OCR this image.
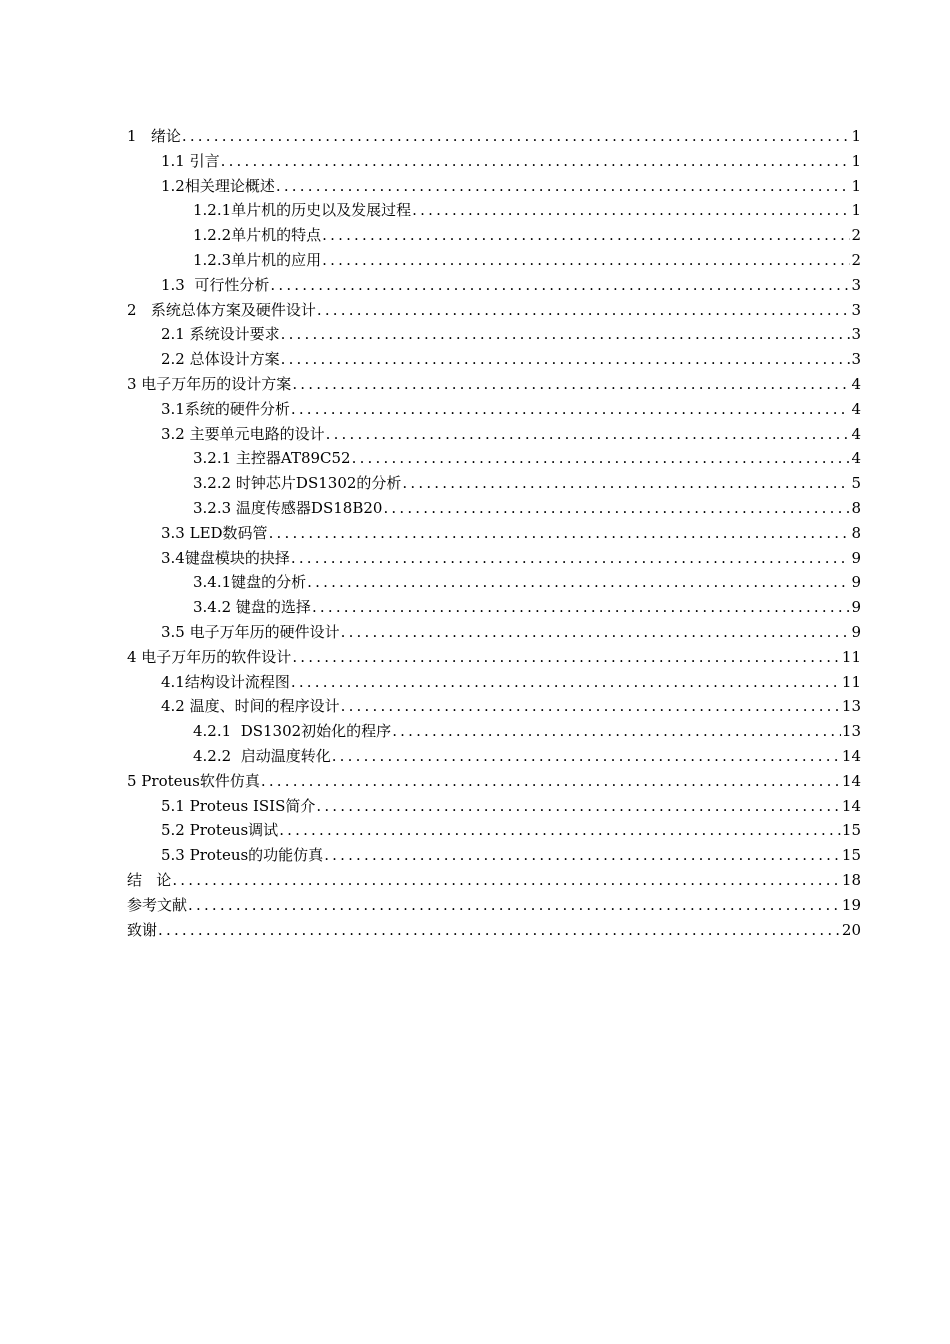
1   绪论 .....	1
1.1 引言 .....	1
1.2相关理论概述 .....	1
1.2.1单片机的历史以及发展过程 .....	1
1.2.2单片机的特点 .....	2
1.2.3单片机的应用 .....	2
1.3  可行性分析 .....	3
2   系统总体方案及硬件设计 .....	3
2.1 系统设计要求 .....	3
2.2 总体设计方案 .....	3
3 电子万年历的设计方案 .....	4
3.1系统的硬件分析 .....	4
3.2 主要单元电路的设计 .....	4
3.2.1 主控器AT89C52 .....	4
3.2.2 时钟芯片DS1302的分析 .....	5
3.2.3 温度传感器DS18B20 .....	8
3.3 LED数码管 .....	8
3.4键盘模块的抉择 .....	9
3.4.1键盘的分析 .....	9
3.4.2 键盘的选择 .....	9
3.5 电子万年历的硬件设计 .....	9
4 电子万年历的软件设计 .....	11
4.1结构设计流程图 .....	11
4.2 温度、时间的程序设计 .....	13
4.2.1  DS1302初始化的程序 .....	13
4.2.2  启动温度转化 .....	14
5 Proteus软件仿真 .....	14
5.1 Proteus ISIS简介 .....	14
5.2 Proteus调试 .....	15
5.3 Proteus的功能仿真 .....	15
结   论 .....	18
参考文献 .....	19
致谢 .....	20
